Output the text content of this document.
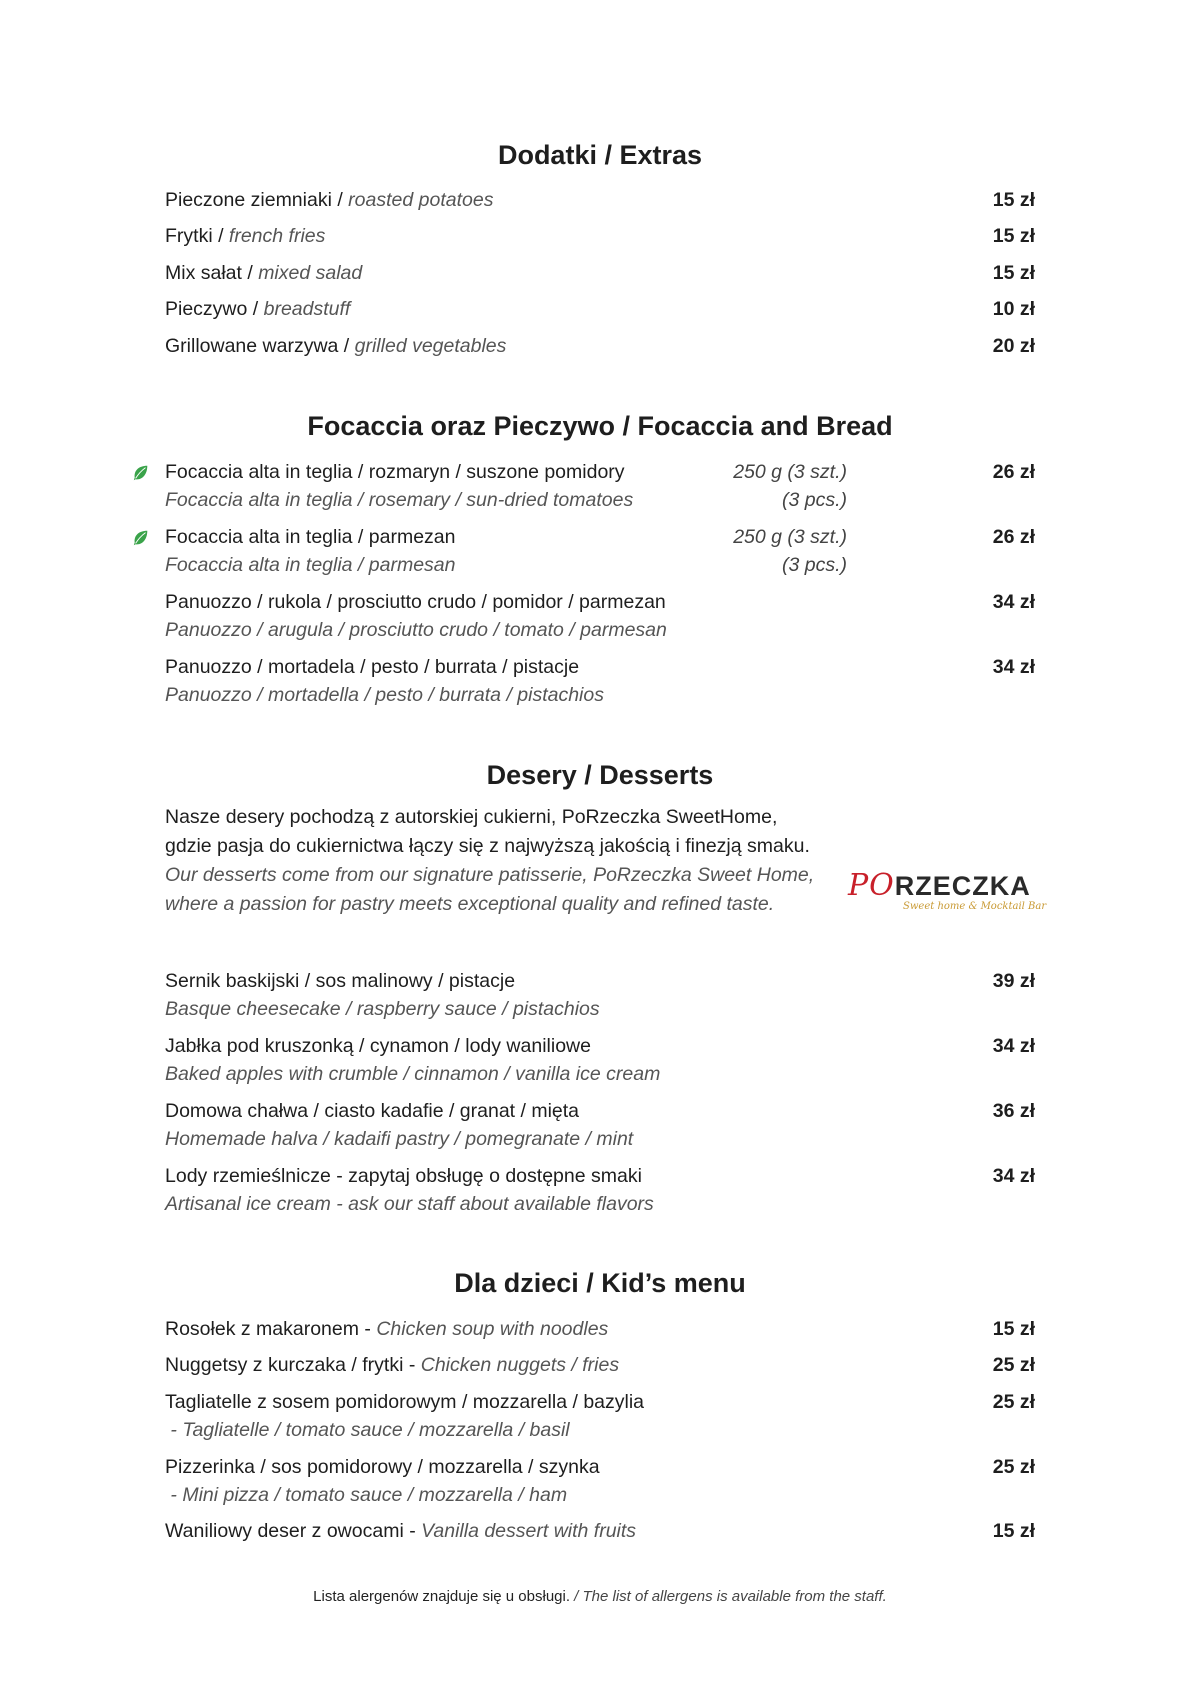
Dodatki / Extras
Pieczone ziemniaki / roasted potatoes	15 zł
Frytki / french fries	15 zł
Mix sałat / mixed salad	15 zł
Pieczywo / breadstuff	10 zł
Grillowane warzywa / grilled vegetables	20 zł
Focaccia oraz Pieczywo / Focaccia and Bread
Focaccia alta in teglia / rozmaryn / suszone pomidory
Focaccia alta in teglia / rosemary / sun-dried tomatoes
250 g (3 szt.)
(3 pcs.)
26 zł
Focaccia alta in teglia / parmezan
Focaccia alta in teglia / parmesan
250 g (3 szt.)
(3 pcs.)
26 zł
Panuozzo / rukola / prosciutto crudo / pomidor / parmezan
Panuozzo / arugula / prosciutto crudo / tomato / parmesan
34 zł
Panuozzo / mortadela / pesto / burrata / pistacje
Panuozzo / mortadella / pesto / burrata / pistachios
34 zł
Desery / Desserts
Nasze desery pochodzą z autorskiej cukierni, PoRzeczka SweetHome,
gdzie pasja do cukiernictwa łączy się z najwyższą jakością i finezją smaku.
Our desserts come from our signature patisserie, PoRzeczka Sweet Home,
where a passion for pastry meets exceptional quality and refined taste.
PORZECZKA
Sweet home & Mocktail Bar
Sernik baskijski / sos malinowy / pistacje
Basque cheesecake / raspberry sauce / pistachios
39 zł
Jabłka pod kruszonką / cynamon / lody waniliowe
Baked apples with crumble / cinnamon / vanilla ice cream
34 zł
Domowa chałwa / ciasto kadafie / granat / mięta
Homemade halva / kadaifi pastry / pomegranate / mint
36 zł
Lody rzemieślnicze - zapytaj obsługę o dostępne smaki
Artisanal ice cream - ask our staff about available flavors
34 zł
Dla dzieci / Kid’s menu
Rosołek z makaronem - Chicken soup with noodles	15 zł
Nuggetsy z kurczaka / frytki - Chicken nuggets / fries	25 zł
Tagliatelle z sosem pomidorowym / mozzarella / bazylia
- Tagliatelle / tomato sauce / mozzarella / basil
25 zł
Pizzerinka / sos pomidorowy / mozzarella / szynka
- Mini pizza / tomato sauce / mozzarella / ham
25 zł
Waniliowy deser z owocami - Vanilla dessert with fruits	15 zł
Lista alergenów znajduje się u obsługi. / The list of allergens is available from the staff.
